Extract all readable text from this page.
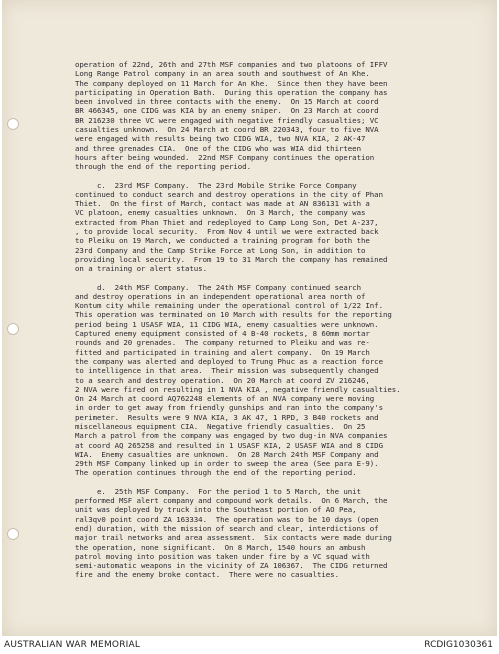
operation of 22nd, 26th and 27th MSF companies and two platoons of IFFV
Long Range Patrol company in an area south and southwest of An Khe.
The company deployed on 11 March for An Khe.  Since then they have been
participating in Operation Bath.  During this operation the company has
been involved in three contacts with the enemy.  On 15 March at coord
BR 466345, one CIDG was KIA by an enemy sniper.  On 23 March at coord
BR 216230 three VC were engaged with negative friendly casualties; VC
casualties unknown.  On 24 March at coord BR 220343, four to five NVA
were engaged with results being two CIDG WIA, two NVA KIA, 2 AK-47
and three grenades CIA.  One of the CIDG who was WIA did thirteen
hours after being wounded.  22nd MSF Company continues the operation
through the end of the reporting period.
c.  23rd MSF Company.  The 23rd Mobile Strike Force Company
continued to conduct search and destroy operations in the city of Phan
Thiet.  On the first of March, contact was made at AN 836131 with a
VC platoon, enemy casualties unknown.  On 3 March, the company was
extracted from Phan Thiet and redeployed to Camp Long Son, Det A-237,
, to provide local security.  From Nov 4 until we were extracted back
to Pleiku on 19 March, we conducted a training program for both the
23rd Company and the Camp Strike Force at Long Son, in addition to
providing local security.  From 19 to 31 March the company has remained
on a training or alert status.
d.  24th MSF Company.  The 24th MSF Company continued search
and destroy operations in an independent operational area north of
Kontum city while remaining under the operational control of 1/22 Inf.
This operation was terminated on 10 March with results for the reporting
period being 1 USASF WIA, 11 CIDG WIA, enemy casualties were unknown.
Captured enemy equipment consisted of 4 B-40 rockets, 8 60mm mortar
rounds and 20 grenades.  The company returned to Pleiku and was re-
fitted and participated in training and alert company.  On 19 March
the company was alerted and deployed to Trung Phuc as a reaction force
to intelligence in that area.  Their mission was subsequently changed
to a search and destroy operation.  On 20 March at coord ZV 216246,
2 NVA were fired on resulting in 1 NVA KIA , negative friendly casualties.
On 24 March at coord AQ762248 elements of an NVA company were moving
in order to get away from friendly gunships and ran into the company's
perimeter.  Results were 9 NVA KIA, 3 AK 47, 1 RPD, 3 B40 rockets and
miscellaneous equipment CIA.  Negative friendly casualties.  On 25
March a patrol from the company was engaged by two dug-in NVA companies
at coord AQ 265258 and resulted in 1 USASF KIA, 2 USASF WIA and 8 CIDG
WIA.  Enemy casualties are unknown.  On 28 March 24th MSF Company and
29th MSF Company linked up in order to sweep the area (See para E-9).
The operation continues through the end of the reporting period.
e.  25th MSF Company.  For the period 1 to 5 March, the unit
performed MSF alert company and compound work details.  On 6 March, the
unit was deployed by truck into the Southeast portion of AO Pea,
ral3qv0 point coord ZA 163334.  The operation was to be 10 days (open
end) duration, with the mission of search and clear, interdictions of
major trail networks and area assessment.  Six contacts were made during
the operation, none significant.  On 8 March, 1540 hours an ambush
patrol moving into position was taken under fire by a VC squad with
semi-automatic weapons in the vicinity of ZA 106367.  The CIDG returned
fire and the enemy broke contact.  There were no casualties.
AUSTRALIAN WAR MEMORIAL	RCDIG1030361
